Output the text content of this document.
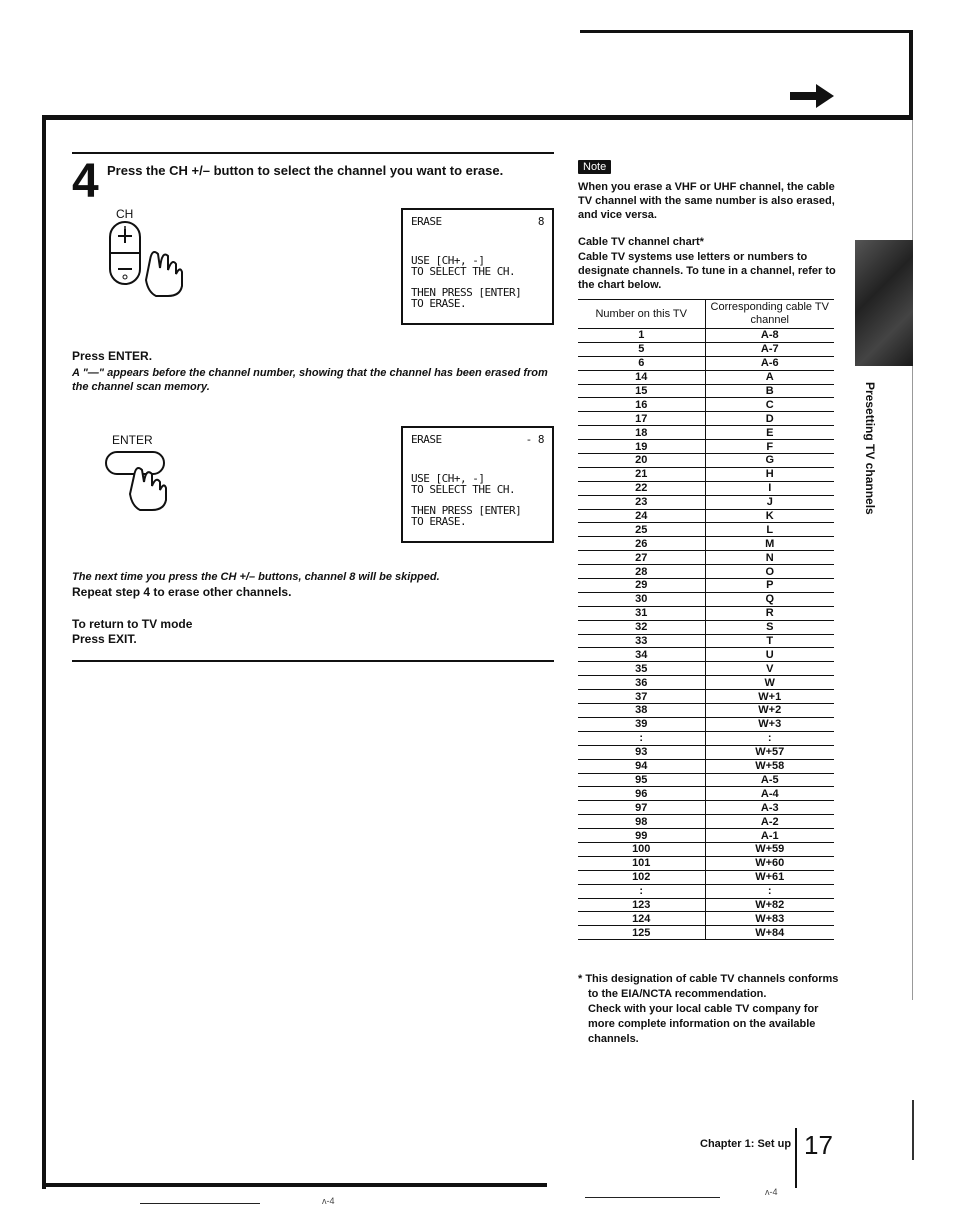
4 Press the CH +/– button to select the channel you want to erase.
CH
ERASE	8
USE [CH+, -]
TO SELECT THE CH.
THEN PRESS [ENTER]
TO ERASE.
Press ENTER.
A "—" appears before the channel number, showing that the channel has been erased from the channel scan memory.
ENTER	ERASE	- 8
USE [CH+, -]
TO SELECT THE CH.
THEN PRESS [ENTER]
TO ERASE.
The next time you press the CH +/– buttons, channel 8 will be skipped.
Repeat step 4 to erase other channels.
To return to TV mode
Press EXIT.
Note
When you erase a VHF or UHF channel, the cable TV channel with the same number is also erased, and vice versa.
Cable TV channel chart*
Cable TV systems use letters or numbers to designate channels. To tune in a channel, refer to the chart below.
Number on this TV	Corresponding cable TV channel
1	A-8
5	A-7
6	A-6
14	A
15	B
16	C
17	D
18	E
19	F
20	G
21	H
22	I
23	J
24	K
25	L
26	M
27	N
28	O
29	P
30	Q
31	R
32	S
33	T
34	U
35	V
36	W
37	W+1
38	W+2
39	W+3
:	:
93	W+57
94	W+58
95	A-5
96	A-4
97	A-3
98	A-2
99	A-1
100	W+59
101	W+60
102	W+61
:	:
123	W+82
124	W+83
125	W+84

* This designation of cable TV channels conforms to the EIA/NCTA recommendation.

Check with your local cable TV company for more complete information on the available channels.

Presetting TV channels
Chapter 1: Set up 17
ᴧ-4
ᴧ-4
